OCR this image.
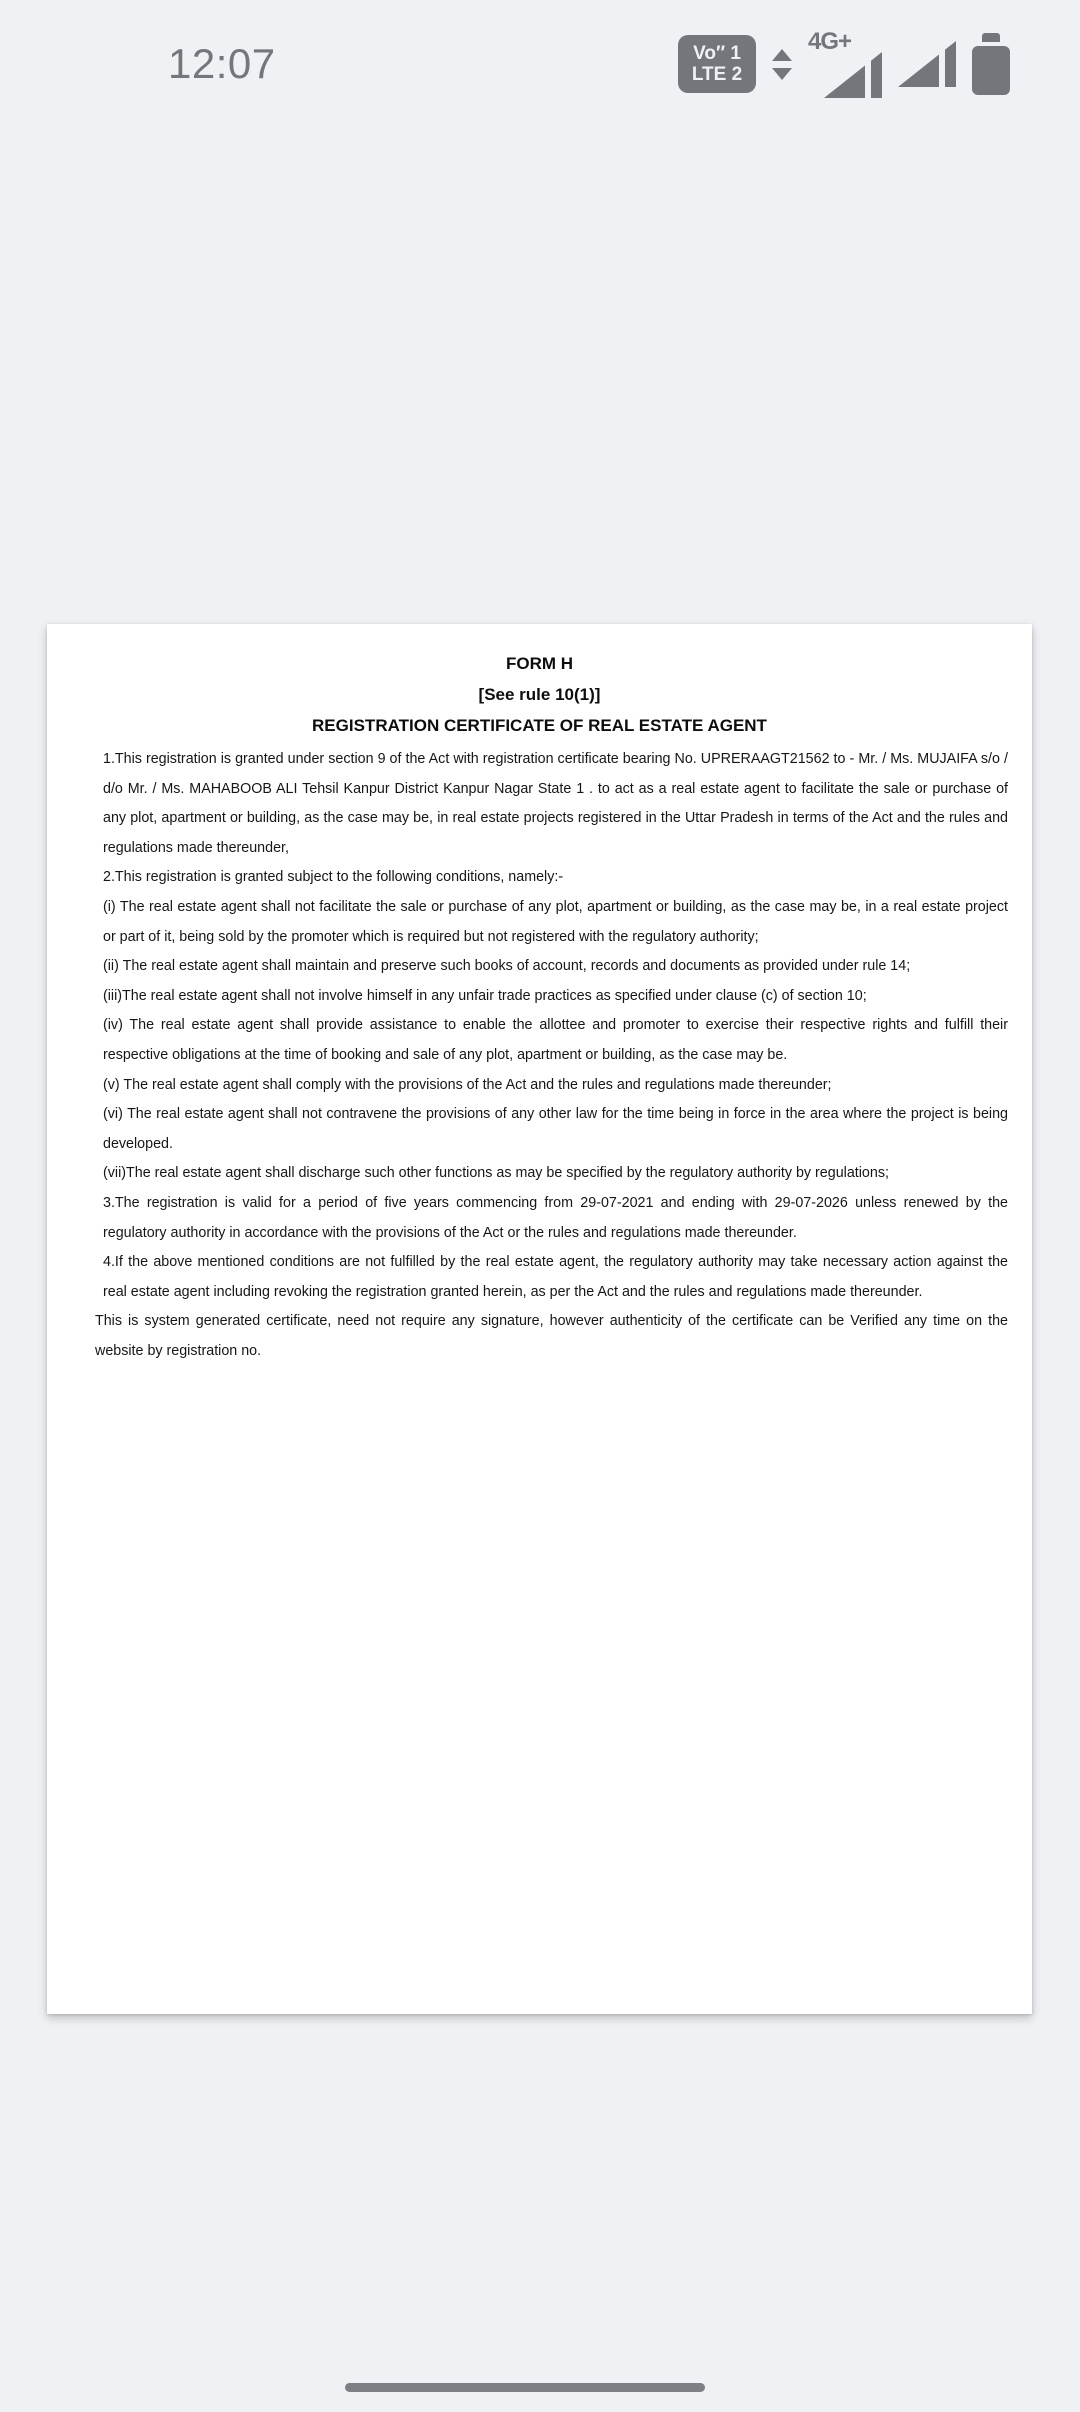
12:07	Vo″ 1
LTE 2
4G+
FORM H
[See rule 10(1)]
REGISTRATION CERTIFICATE OF REAL ESTATE AGENT

1.This registration is granted under section 9 of the Act with registration certificate bearing No. UPRERAAGT21562 to - Mr. / Ms. MUJAIFA s/o / d/o Mr. / Ms. MAHABOOB ALI Tehsil Kanpur District Kanpur Nagar State 1 . to act as a real estate agent to facilitate the sale or purchase of any plot, apartment or building, as the case may be, in real estate projects registered in the Uttar Pradesh in terms of the Act and the rules and regulations made thereunder,

2.This registration is granted subject to the following conditions, namely:-

(i) The real estate agent shall not facilitate the sale or purchase of any plot, apartment or building, as the case may be, in a real estate project or part of it, being sold by the promoter which is required but not registered with the regulatory authority;

(ii) The real estate agent shall maintain and preserve such books of account, records and documents as provided under rule 14;

(iii)The real estate agent shall not involve himself in any unfair trade practices as specified under clause (c) of section 10;

(iv) The real estate agent shall provide assistance to enable the allottee and promoter to exercise their respective rights and fulfill their respective obligations at the time of booking and sale of any plot, apartment or building, as the case may be.

(v) The real estate agent shall comply with the provisions of the Act and the rules and regulations made thereunder;

(vi) The real estate agent shall not contravene the provisions of any other law for the time being in force in the area where the project is being developed.

(vii)The real estate agent shall discharge such other functions as may be specified by the regulatory authority by regulations;

3.The registration is valid for a period of five years commencing from 29-07-2021 and ending with 29-07-2026 unless renewed by the regulatory authority in accordance with the provisions of the Act or the rules and regulations made thereunder.

4.If the above mentioned conditions are not fulfilled by the real estate agent, the regulatory authority may take necessary action against the real estate agent including revoking the registration granted herein, as per the Act and the rules and regulations made thereunder.

This is system generated certificate, need not require any signature, however authenticity of the certificate can be Verified any time on the website by registration no.
